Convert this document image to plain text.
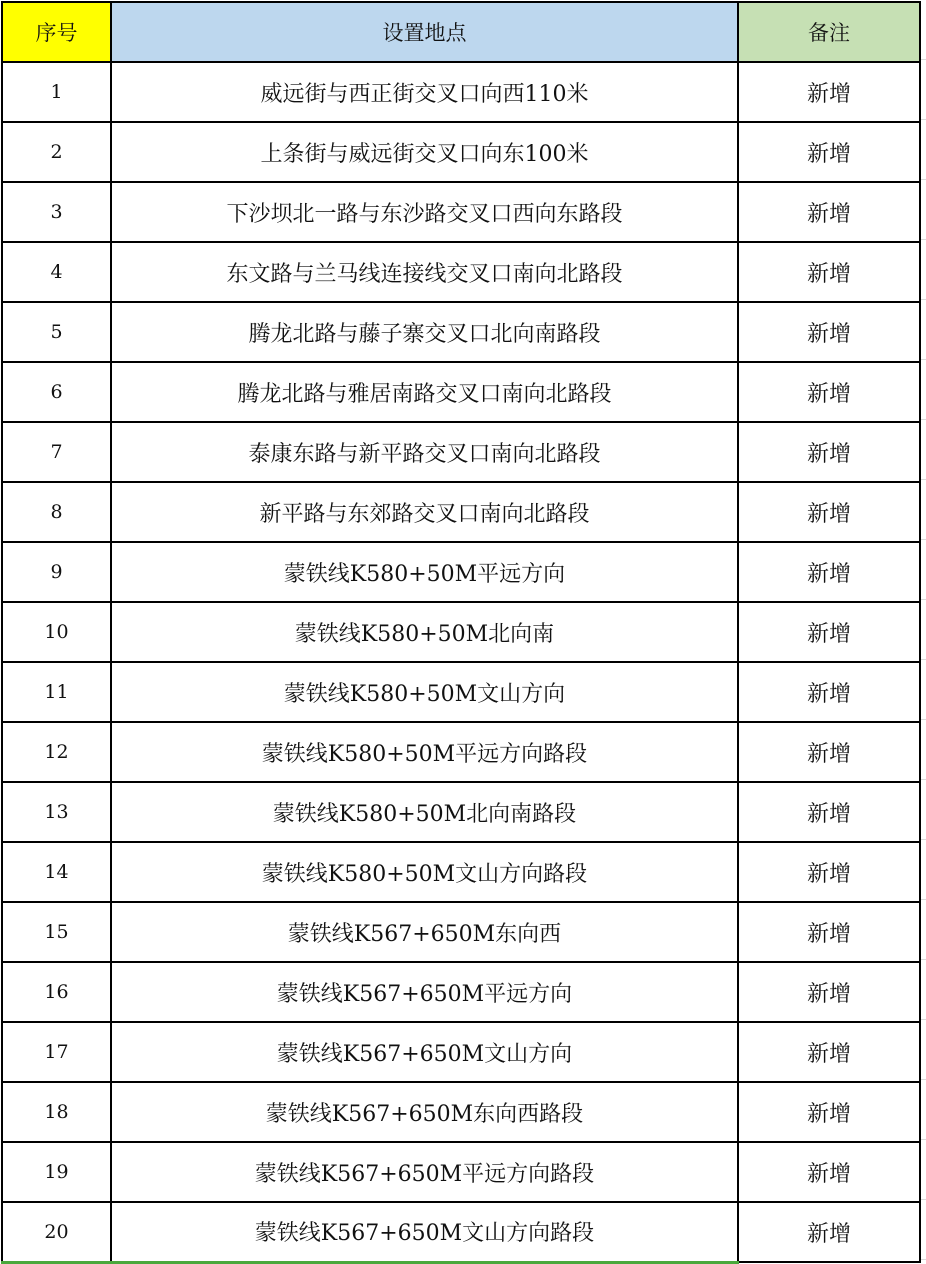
序号	设置地点	备注
1	威远街与西正街交叉口向西110米	新增
2	上条街与威远街交叉口向东100米	新增
3	下沙坝北一路与东沙路交叉口西向东路段	新增
4	东文路与兰马线连接线交叉口南向北路段	新增
5	腾龙北路与藤子寨交叉口北向南路段	新增
6	腾龙北路与雅居南路交叉口南向北路段	新增
7	泰康东路与新平路交叉口南向北路段	新增
8	新平路与东郊路交叉口南向北路段	新增
9	蒙铁线K580+50M平远方向	新增
10	蒙铁线K580+50M北向南	新增
11	蒙铁线K580+50M文山方向	新增
12	蒙铁线K580+50M平远方向路段	新增
13	蒙铁线K580+50M北向南路段	新增
14	蒙铁线K580+50M文山方向路段	新增
15	蒙铁线K567+650M东向西	新增
16	蒙铁线K567+650M平远方向	新增
17	蒙铁线K567+650M文山方向	新增
18	蒙铁线K567+650M东向西路段	新增
19	蒙铁线K567+650M平远方向路段	新增
20	蒙铁线K567+650M文山方向路段	新增
